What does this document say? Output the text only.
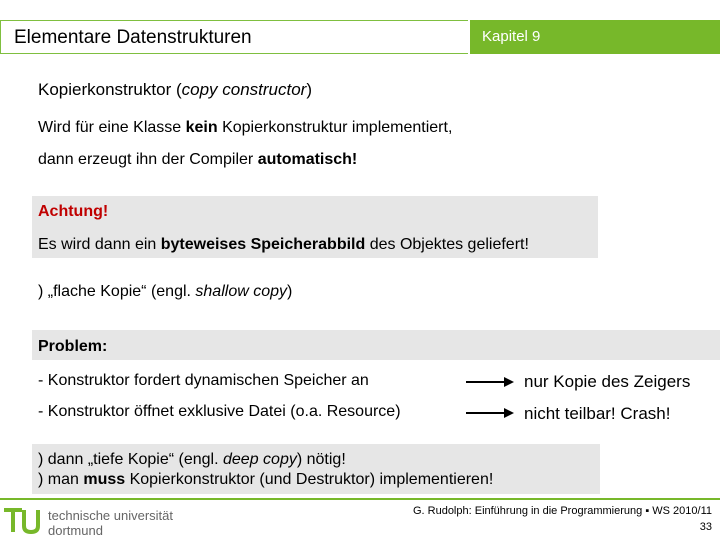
Elementare Datenstrukturen	Kapitel 9
Kopierkonstruktor (copy constructor)
Wird für eine Klasse kein Kopierkonstruktur implementiert,
dann erzeugt ihn der Compiler automatisch!
Achtung!
Es wird dann ein byteweises Speicherabbild des Objektes geliefert!
) „flache Kopie“ (engl. shallow copy)
Problem:
- Konstruktor fordert dynamischen Speicher an	nur Kopie des Zeigers
- Konstruktor öffnet exklusive Datei (o.a. Resource)	nicht teilbar! Crash!
) dann „tiefe Kopie“ (engl. deep copy) nötig!
) man muss Kopierkonstruktor (und Destruktor) implementieren!
technische universität
dortmund
G. Rudolph: Einführung in die Programmierung ▪ WS 2010/11
33
